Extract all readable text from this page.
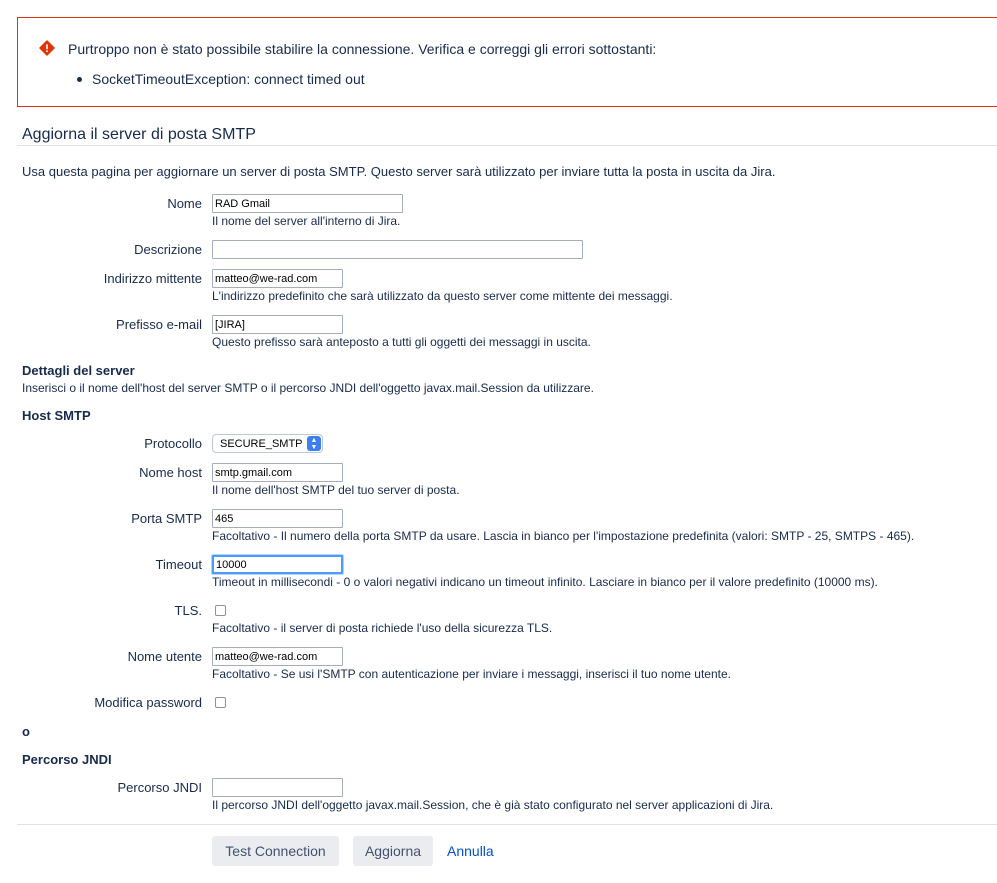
Purtroppo non è stato possibile stabilire la connessione. Verifica e correggi gli errori sottostanti:
SocketTimeoutException: connect timed out
Aggiorna il server di posta SMTP
Usa questa pagina per aggiornare un server di posta SMTP. Questo server sarà utilizzato per inviare tutta la posta in uscita da Jira.
Nome
RAD Gmail
Il nome del server all'interno di Jira.
Descrizione
Indirizzo mittente
matteo@we-rad.com
L'indirizzo predefinito che sarà utilizzato da questo server come mittente dei messaggi.
Prefisso e-mail
[JIRA]
Questo prefisso sarà anteposto a tutti gli oggetti dei messaggi in uscita.
Dettagli del server
Inserisci o il nome dell'host del server SMTP o il percorso JNDI dell'oggetto javax.mail.Session da utilizzare.
Host SMTP
Protocollo SECURE_SMTP ▲
▼
Nome host
smtp.gmail.com
Il nome dell'host SMTP del tuo server di posta.
Porta SMTP
465
Facoltativo - Il numero della porta SMTP da usare. Lascia in bianco per l'impostazione predefinita (valori: SMTP - 25, SMTPS - 465).
Timeout
10000
Timeout in millisecondi - 0 o valori negativi indicano un timeout infinito. Lasciare in bianco per il valore predefinito (10000 ms).
TLS.
Facoltativo - il server di posta richiede l'uso della sicurezza TLS.
Nome utente
matteo@we-rad.com
Facoltativo - Se usi l'SMTP con autenticazione per inviare i messaggi, inserisci il tuo nome utente.
Modifica password
o
Percorso JNDI
Percorso JNDI
Il percorso JNDI dell'oggetto javax.mail.Session, che è già stato configurato nel server applicazioni di Jira.
Test Connection	Aggiorna	Annulla
